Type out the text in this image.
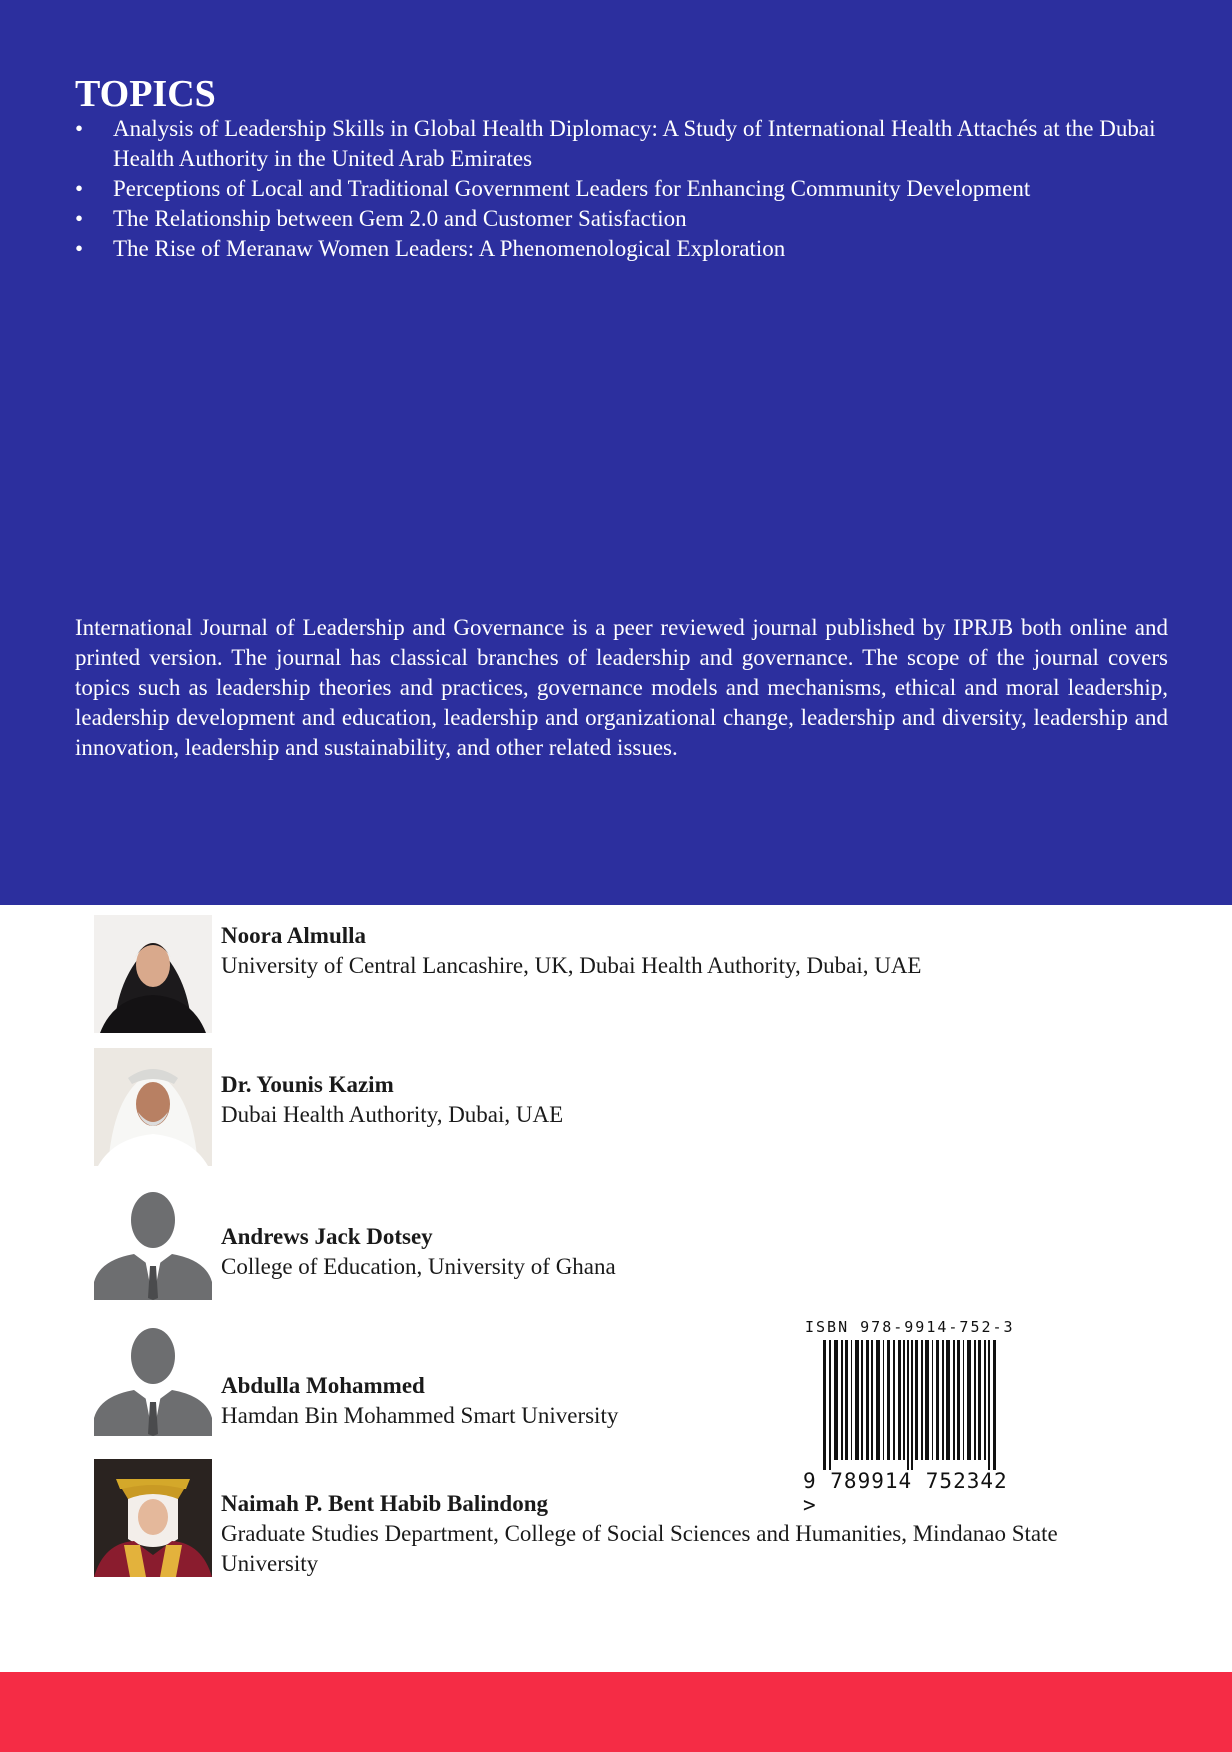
TOPICS
• Analysis of Leadership Skills in Global Health Diplomacy: A Study of International Health Attachés at the Dubai Health Authority in the United Arab Emirates
• Perceptions of Local and Traditional Government Leaders for Enhancing Community Development
• The Relationship between Gem 2.0 and Customer Satisfaction
• The Rise of Meranaw Women Leaders: A Phenomenological Exploration

International Journal of Leadership and Governance is a peer reviewed journal published by IPRJB both online and printed version. The journal has classical branches of leadership and governance. The scope of the journal covers topics such as leadership theories and practices, governance models and mechanisms, ethical and moral leadership, leadership development and education, leadership and organizational change, leadership and diversity, leadership and innovation, leadership and sustainability, and other related issues.

Noora Almulla
University of Central Lancashire, UK, Dubai Health Authority, Dubai, UAE
Dr. Younis Kazim
Dubai Health Authority, Dubai, UAE
Andrews Jack Dotsey
College of Education, University of Ghana
Abdulla Mohammed
Hamdan Bin Mohammed Smart University
Naimah P. Bent Habib Balindong
Graduate Studies Department, College of Social Sciences and Humanities, Mindanao State University
ISBN 978-9914-752-3
9 789914 752342 >
